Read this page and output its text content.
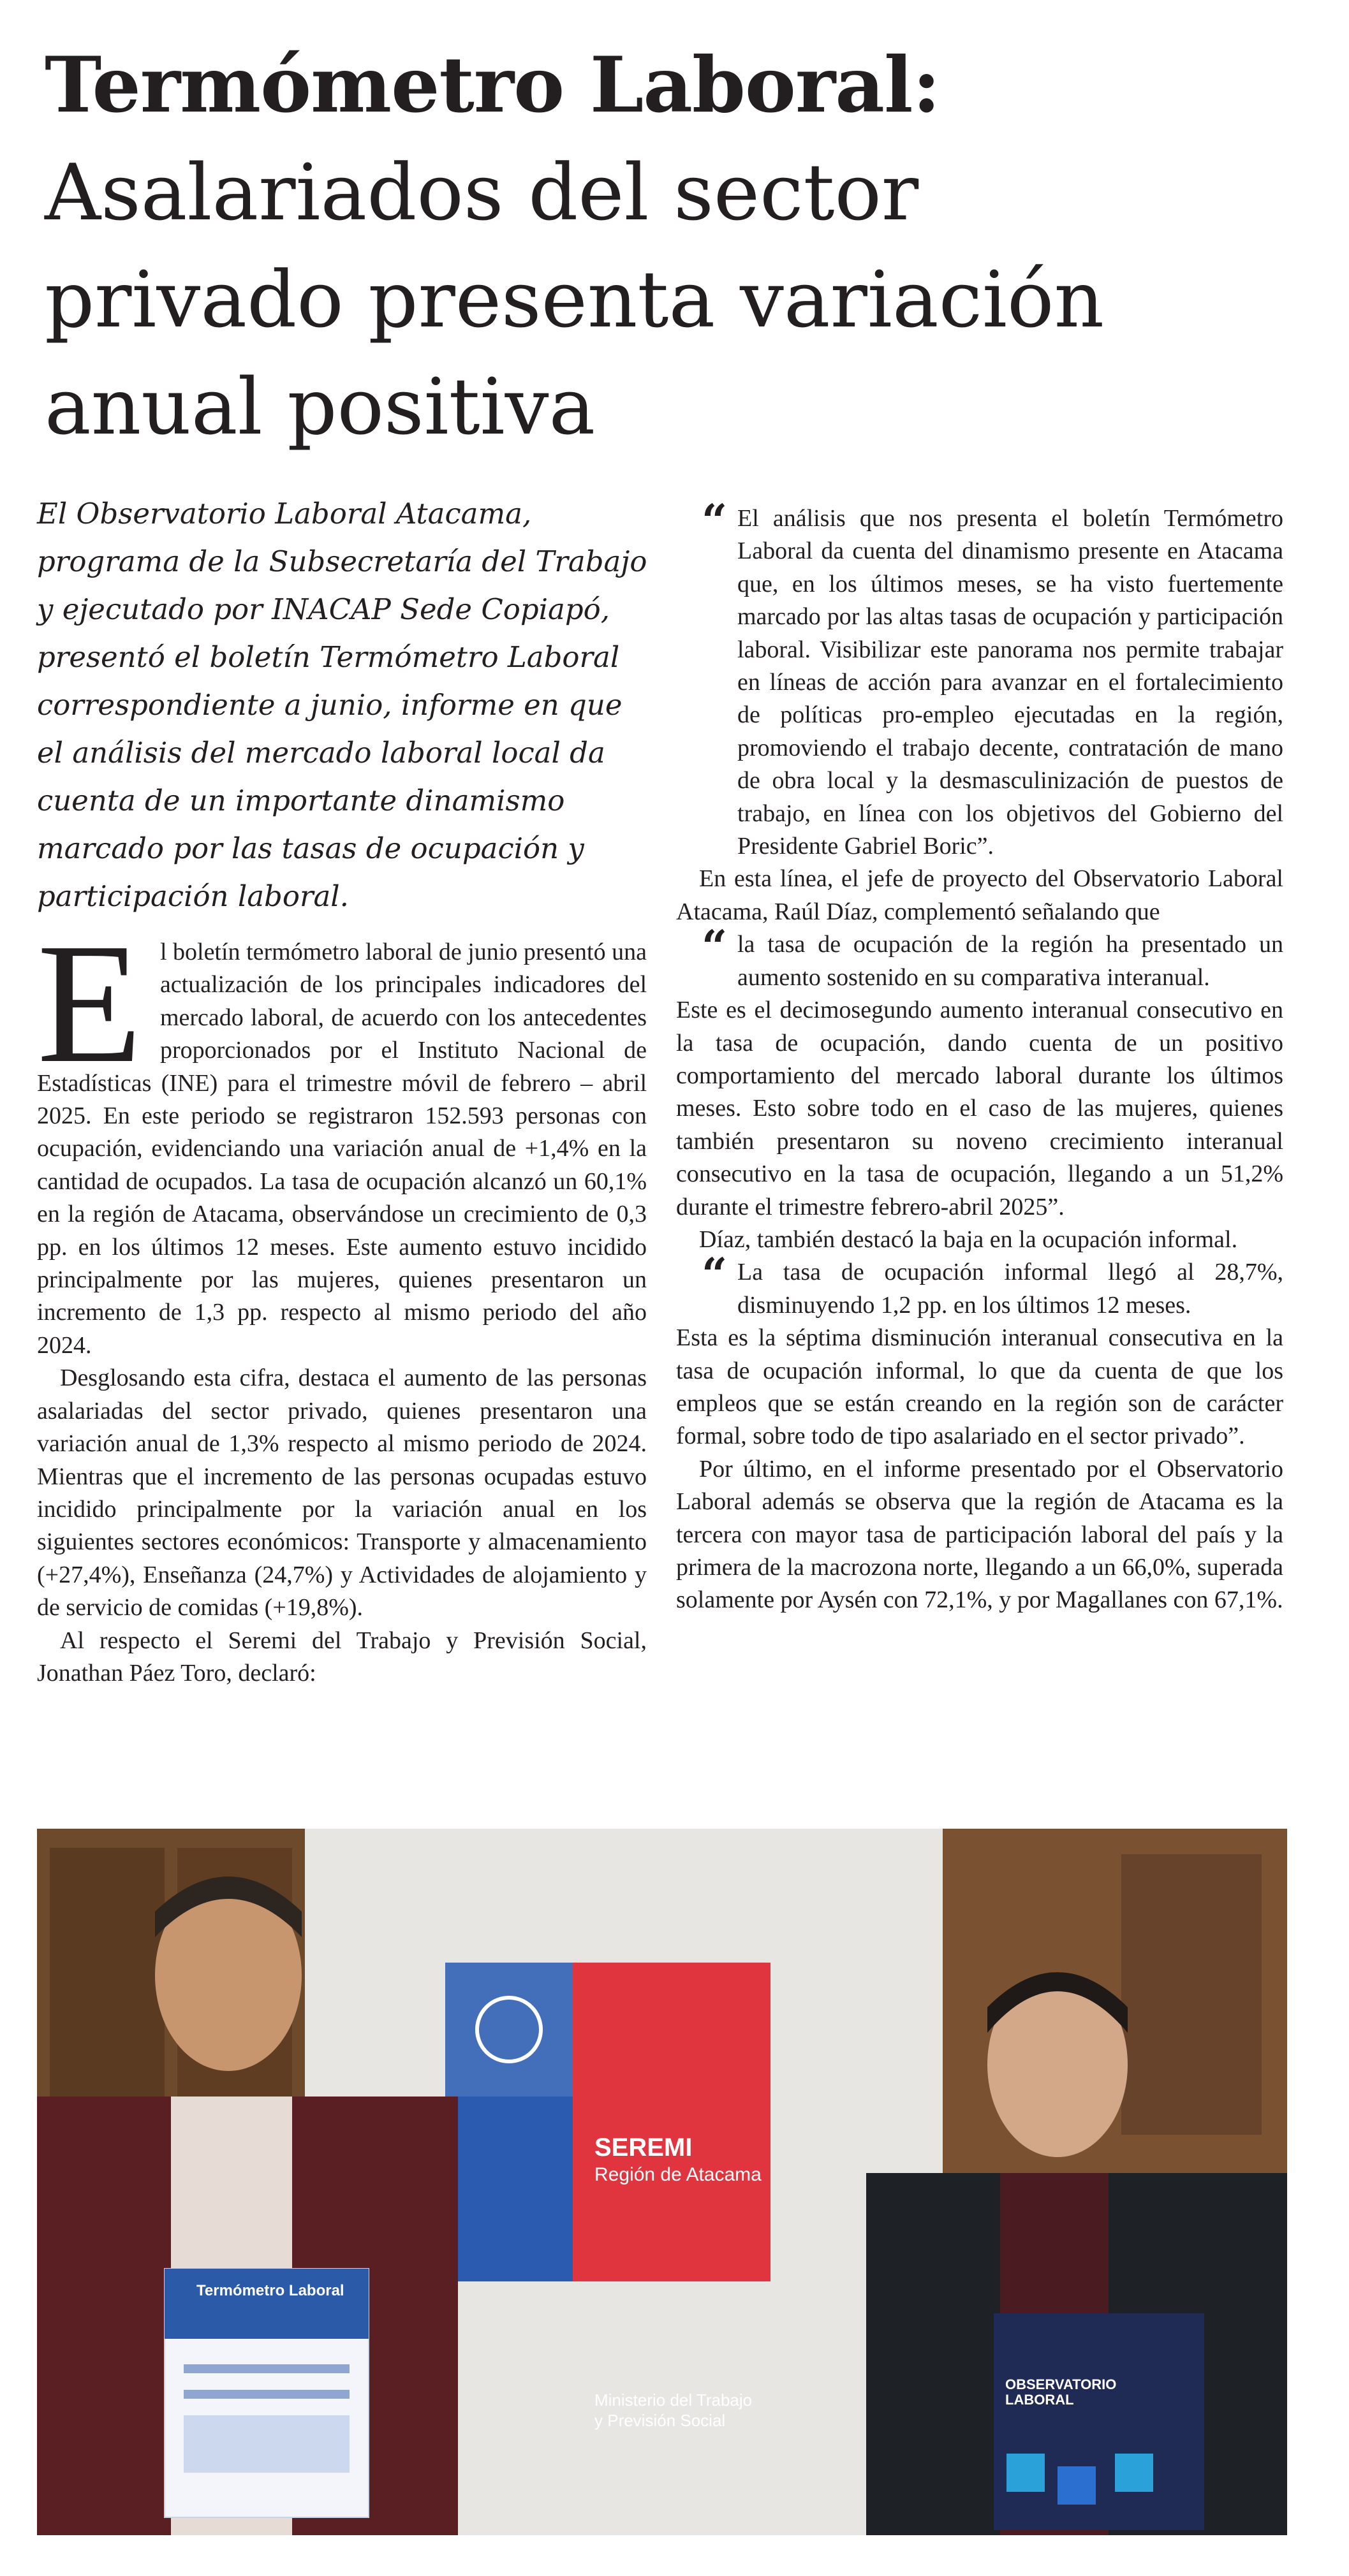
Termómetro Laboral:
Asalariados del sector
privado presenta variación
anual positiva

El Observatorio Laboral Atacama, programa de la Subsecretaría del Trabajo y ejecutado por INACAP Sede Copiapó, presentó el boletín Termómetro Laboral correspondiente a junio, informe en que el análisis del mercado laboral local da cuenta de un importante dinamismo marcado por las tasas de ocupación y participación laboral.

El boletín termómetro laboral de junio presentó una actualización de los principales indicadores del mercado laboral, de acuerdo con los antecedentes proporcionados por el Instituto Nacional de Estadísticas (INE) para el trimestre móvil de febrero – abril 2025. En este periodo se registraron 152.593 personas con ocupación, evidenciando una variación anual de +1,4% en la cantidad de ocupados. La tasa de ocupación alcanzó un 60,1% en la región de Atacama, observándose un crecimiento de 0,3 pp. en los últimos 12 meses. Este aumento estuvo incidido principalmente por las mujeres, quienes presentaron un incremento de 1,3 pp. respecto al mismo periodo del año 2024.

Desglosando esta cifra, destaca el aumento de las personas asalariadas del sector privado, quienes presentaron una variación anual de 1,3% respecto al mismo periodo de 2024. Mientras que el incremento de las personas ocupadas estuvo incidido principalmente por la variación anual en los siguientes sectores económicos: Transporte y almacenamiento (+27,4%), Enseñanza (24,7%) y Actividades de alojamiento y de servicio de comidas (+19,8%).

Al respecto el Seremi del Trabajo y Previsión Social, Jonathan Páez Toro, declaró:

“ El análisis que nos presenta el boletín Termómetro Laboral da cuenta del dinamismo presente en Atacama que, en los últimos meses, se ha visto fuertemente marcado por las altas tasas de ocupación y participación laboral. Visibilizar este panorama nos permite trabajar en líneas de acción para avanzar en el fortalecimiento de políticas pro-empleo ejecutadas en la región, promoviendo el trabajo decente, contratación de mano de obra local y la desmasculinización de puestos de trabajo, en línea con los objetivos del Gobierno del Presidente Gabriel Boric”.

En esta línea, el jefe de proyecto del Observatorio Laboral Atacama, Raúl Díaz, complementó señalando que

“ la tasa de ocupación de la región ha presentado un aumento sostenido en su comparativa interanual.

Este es el decimosegundo aumento interanual consecutivo en la tasa de ocupación, dando cuenta de un positivo comportamiento del mercado laboral durante los últimos meses. Esto sobre todo en el caso de las mujeres, quienes también presentaron su noveno crecimiento interanual consecutivo en la tasa de ocupación, llegando a un 51,2% durante el trimestre febrero-abril 2025”.

Díaz, también destacó la baja en la ocupación informal.

“ La tasa de ocupación informal llegó al 28,7%, disminuyendo 1,2 pp. en los últimos 12 meses.

Esta es la séptima disminución interanual consecutiva en la tasa de ocupación informal, lo que da cuenta de que los empleos que se están creando en la región son de carácter formal, sobre todo de tipo asalariado en el sector privado”.

Por último, en el informe presentado por el Observatorio Laboral además se observa que la región de Atacama es la tercera con mayor tasa de participación laboral del país y la primera de la macrozona norte, llegando a un 66,0%, superada solamente por Aysén con 72,1%, y por Magallanes con 67,1%.

SEREMI
Región de Atacama
Ministerio del Trabajo y Previsión Social
Termómetro Laboral
OBSERVATORIO LABORAL
